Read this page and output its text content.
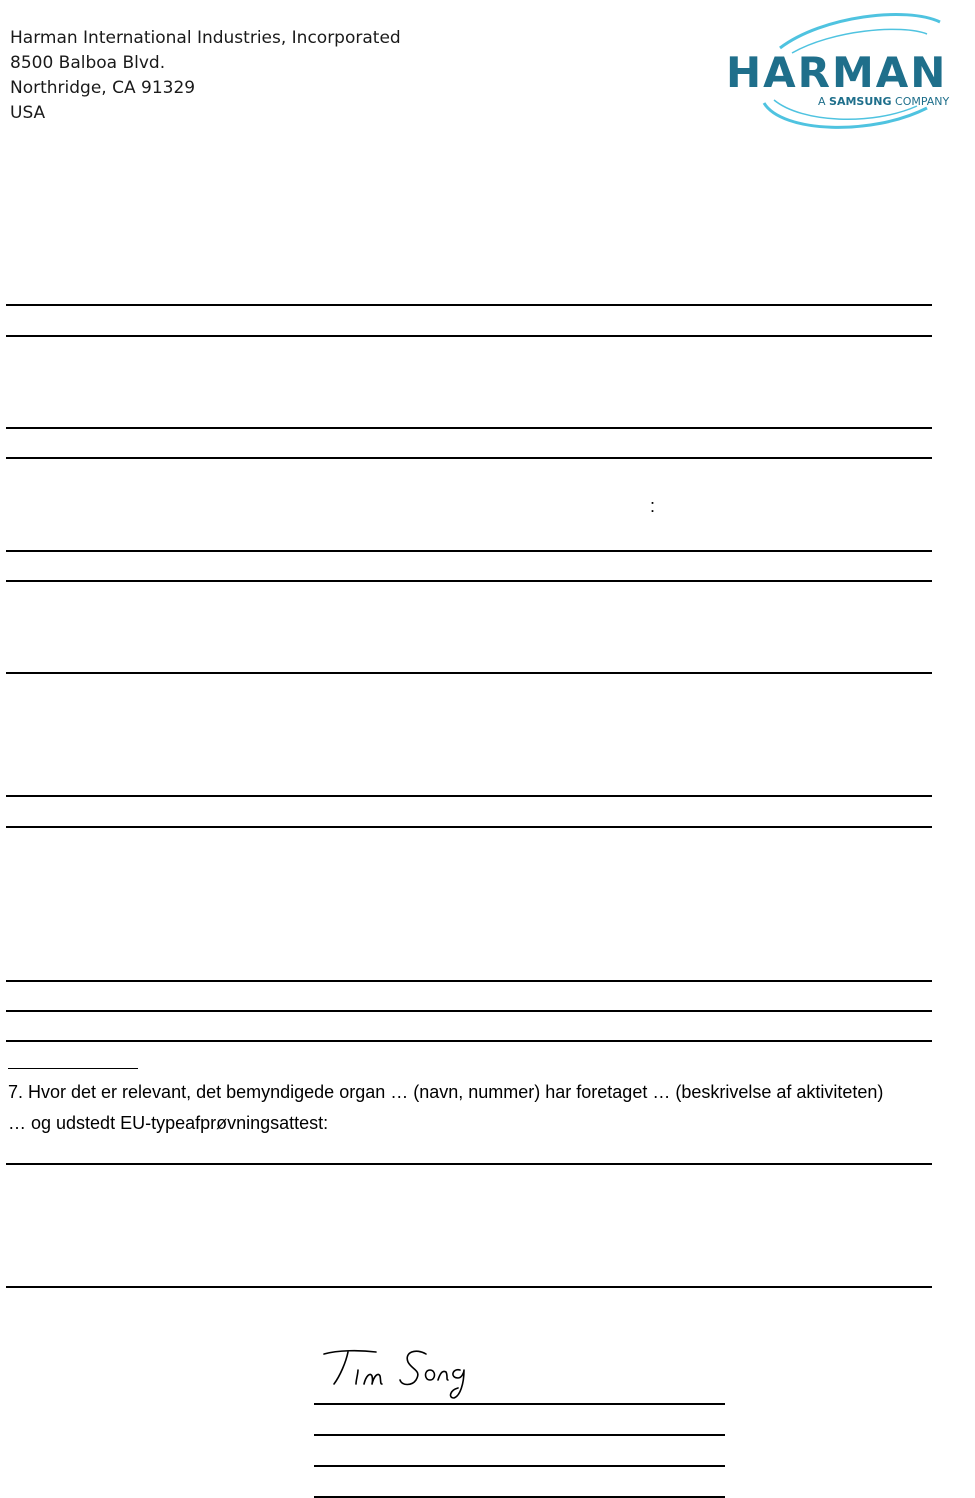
Harman International Industries, Incorporated
8500 Balboa Blvd.
Northridge, CA 91329
USA
HARMAN
A SAMSUNG COMPANY
:
7. Hvor det er relevant, det bemyndigede organ … (navn, nummer) har foretaget … (beskrivelse af aktiviteten)
… og udstedt EU-typeafprøvningsattest:
